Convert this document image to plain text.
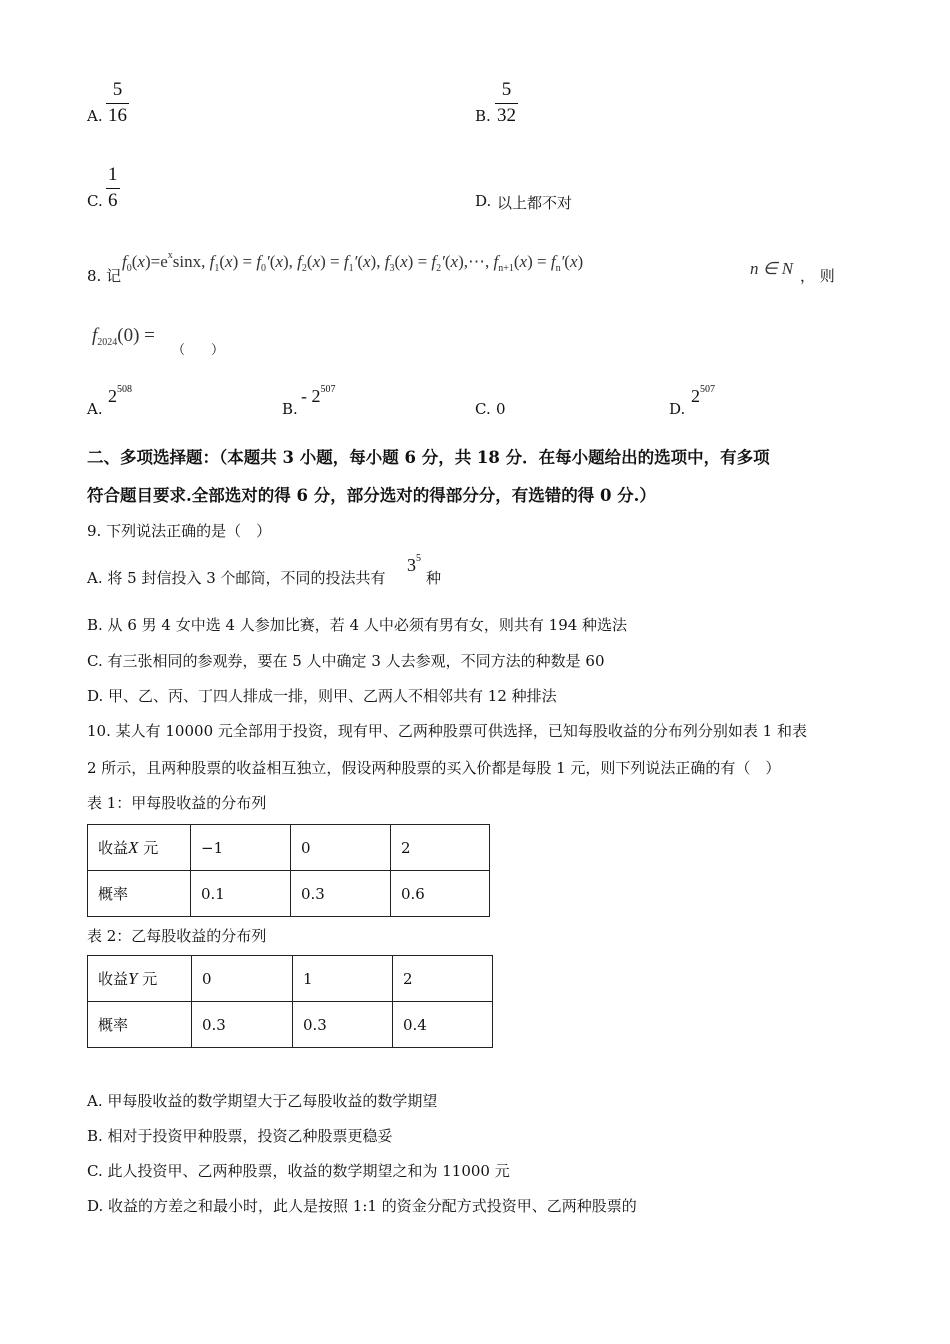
A. $\frac{5}{16}$	B. $\frac{5}{32}$
C. $\frac{1}{6}$	D. 以上都不对
8. 记
$f_0(x)=e^x\sin x$, $f_1(x) = f_0'(x)$, $f_2(x) = f_1'(x)$, $f_3(x)$ = $f_2'(x),\cdots$, $f_{n+1}(x) = f_n'(x)$	n ∈ N ， 则
$f_{2024}(0)$ =
（　　）
A.
$2^{508}$
B.
- $2^{507}$
C. 0	D.
$2^{507}$
二、多项选择题：（本题共 3 小题，每小题 6 分，共 18 分．在每小题给出的选项中，有多项
符合题目要求.全部选对的得 6 分，部分选对的得部分分，有选错的得 0 分.）
9. 下列说法正确的是（　）
A. 将 5 封信投入 3 个邮筒，不同的投法共有
$3^5$
种
B. 从 6 男 4 女中选 4 人参加比赛，若 4 人中必须有男有女，则共有 194 种选法
C. 有三张相同的参观券，要在 5 人中确定 3 人去参观，不同方法的种数是 60
D. 甲、乙、丙、丁四人排成一排，则甲、乙两人不相邻共有 12 种排法
10. 某人有 10000 元全部用于投资，现有甲、乙两种股票可供选择，已知每股收益的分布列分别如表 1 和表
2 所示，且两种股票的收益相互独立，假设两种股票的买入价都是每股 1 元，则下列说法正确的有（　）
表 1：甲每股收益的分布列
收益X 元	−1	0	2
概率	0.1	0.3	0.6
表 2：乙每股收益的分布列
收益Y 元	0	1	2
概率	0.3	0.3	0.4
A. 甲每股收益的数学期望大于乙每股收益的数学期望
B. 相对于投资甲种股票，投资乙种股票更稳妥
C. 此人投资甲、乙两种股票，收益的数学期望之和为 11000 元
D. 收益的方差之和最小时，此人是按照 1:1 的资金分配方式投资甲、乙两种股票的
